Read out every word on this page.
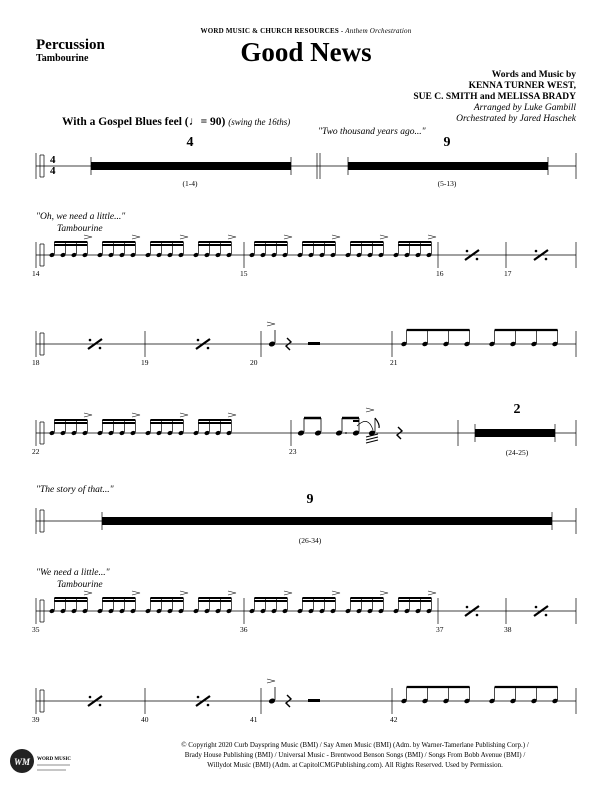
WORD MUSIC & CHURCH RESOURCES - Anthem Orchestration
Percussion
Tambourine	Good News
Words and Music by
KENNA TURNER WEST,
SUE C. SMITH and MELISSA BRADY
Arranged by Luke Gambill
Orchestrated by Jared Haschek
With a Gospel Blues feel (♩= 90) (swing the 16ths)
"Two thousand years ago..."
4	9
(1-4)	(5-13)
"Oh, we need a little..."
Tambourine
2
(24-25)
"The story of that..."
9
(26-34)
"We need a little..."
Tambourine
4
4
14	15	16	17
18	19	20	21
22	23
35	36	37	38
39	40	41	42
WM WORD MUSIC
© Copyright 2020 Curb Dayspring Music (BMI) / Say Amen Music (BMI) (Adm. by Warner-Tamerlane Publishing Corp.) /
Brady House Publishing (BMI) / Universal Music - Brentwood Benson Songs (BMI) / Songs From Bobb Avenue (BMI) /
Willydot Music (BMI) (Adm. at CapitolCMGPublishing.com). All Rights Reserved. Used by Permission.
